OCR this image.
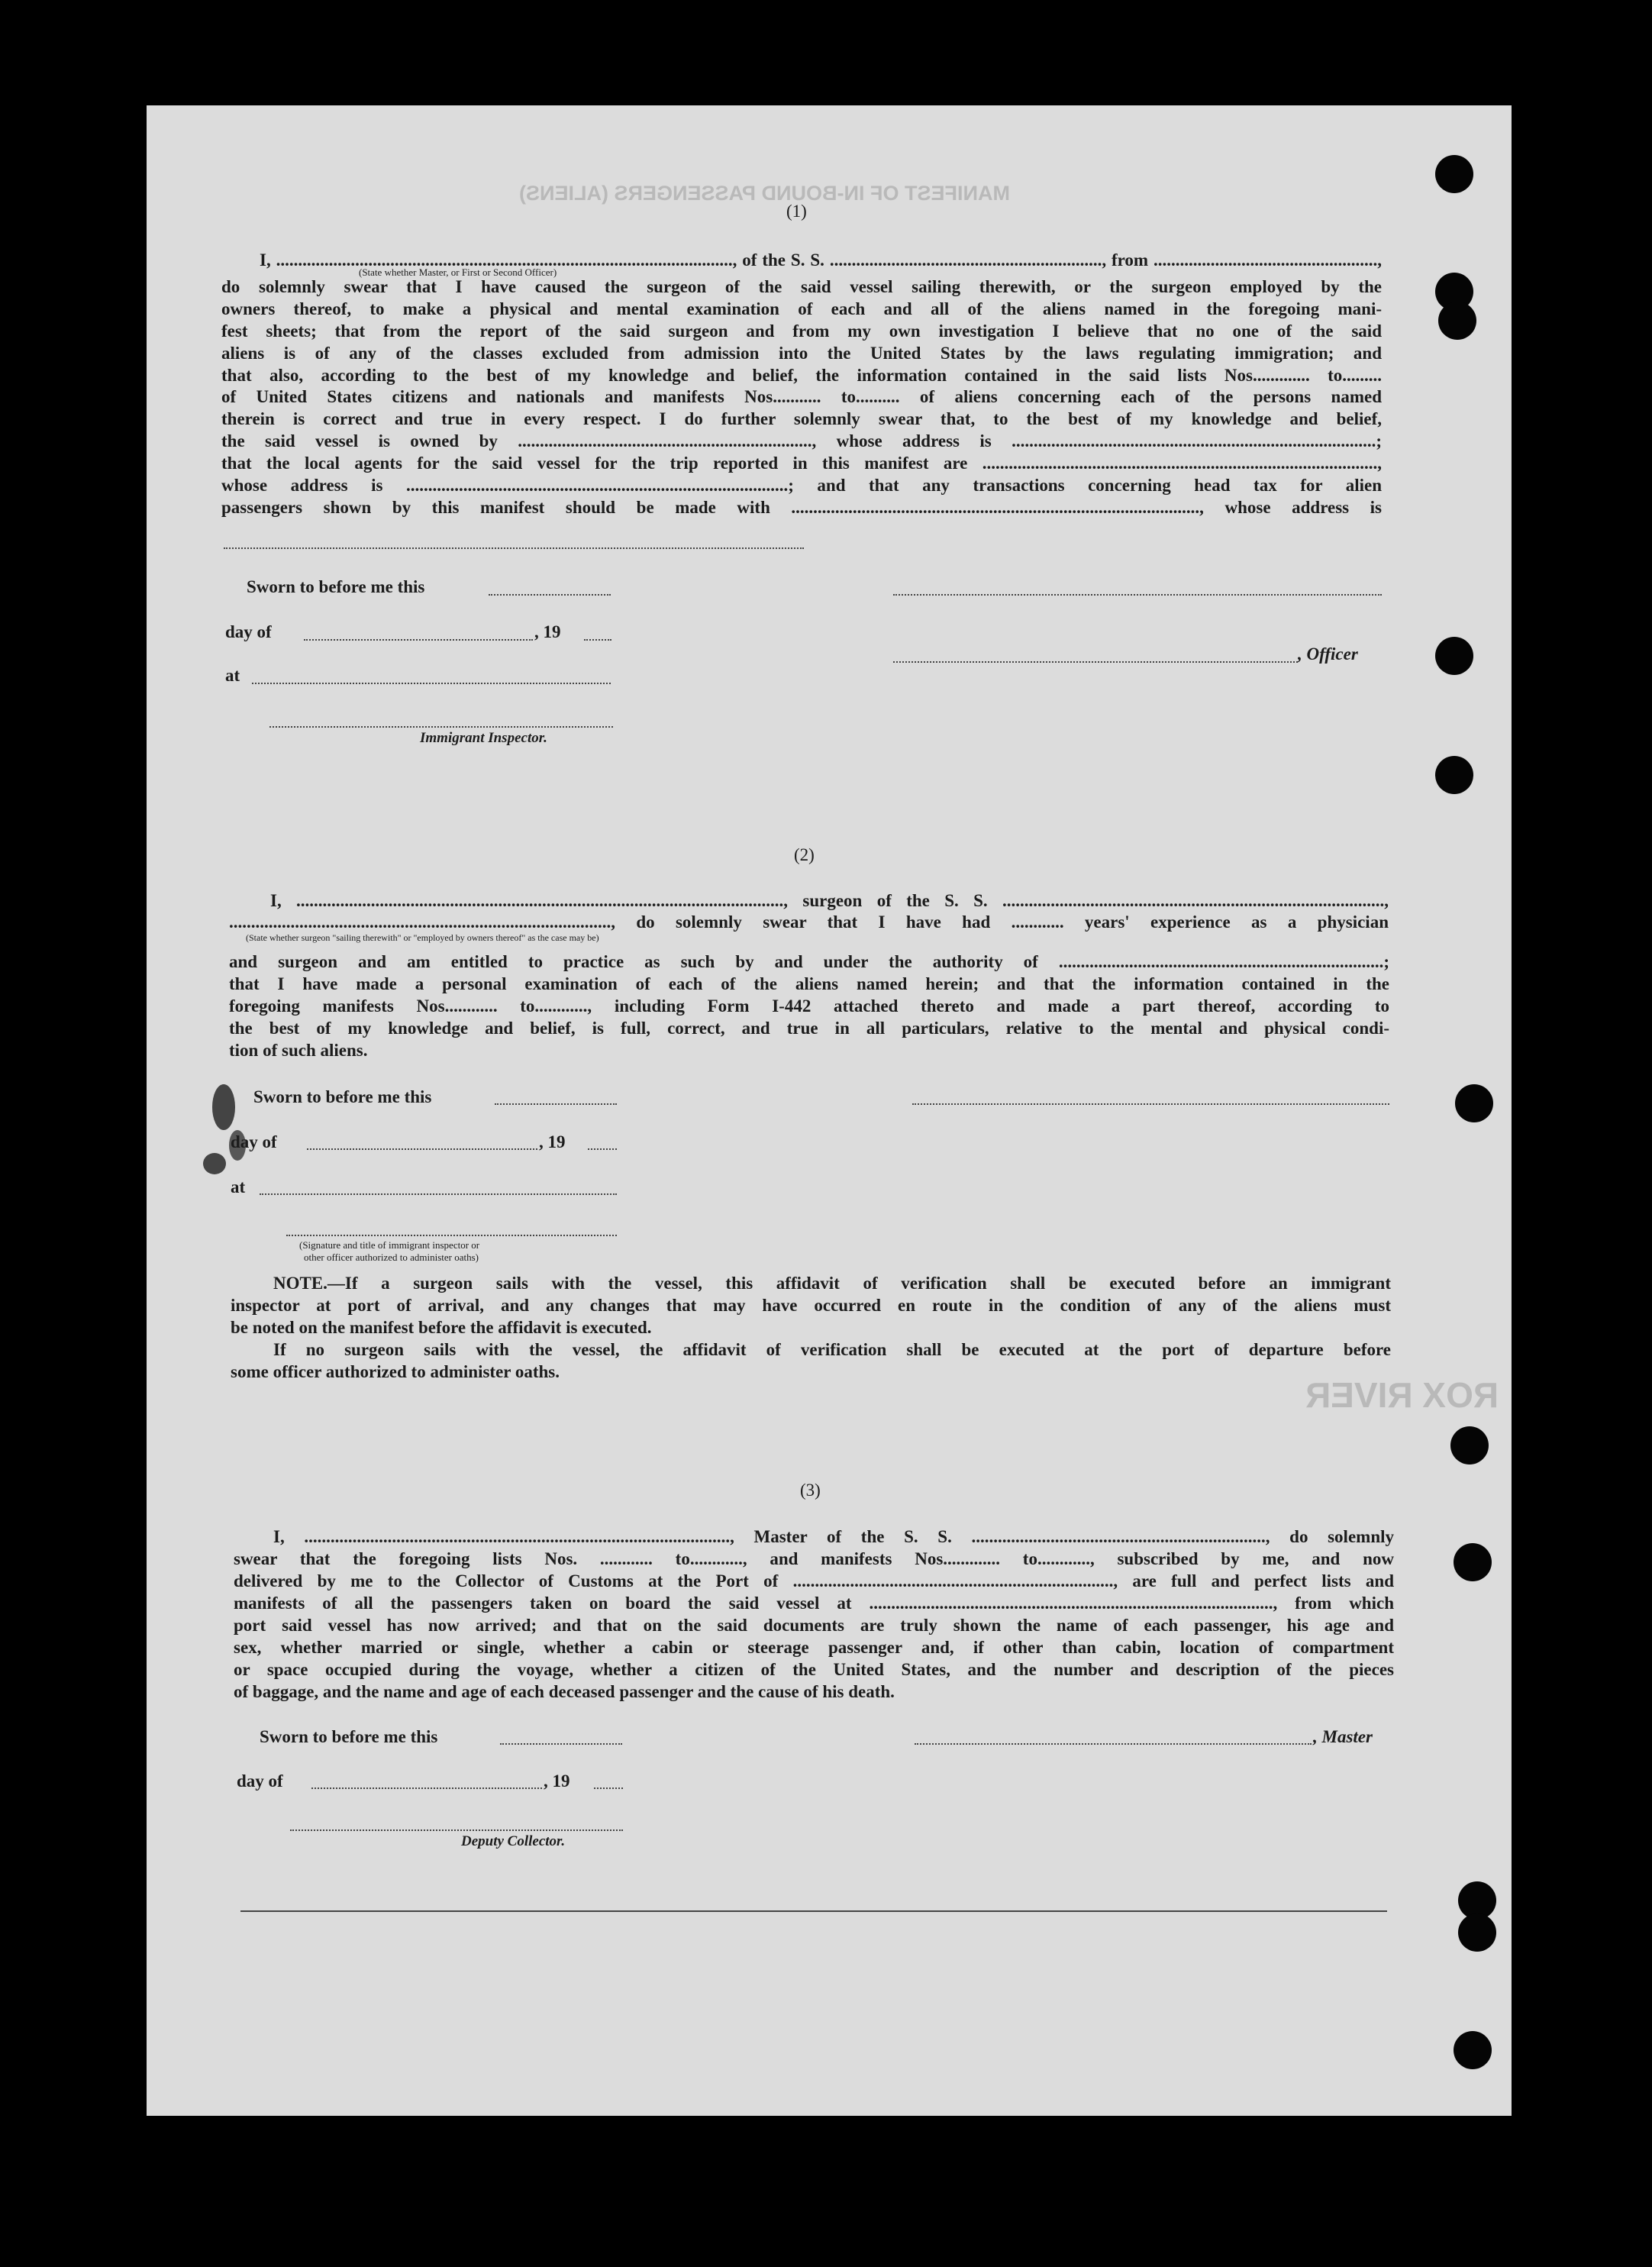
MANIFEST OF IN-BOUND PASSENGERS (ALIENS)
ROX RIVER
(1)
I, ........................................................................................................, of the S. S. .............................................................., from ...................................................,
(State whether Master, or First or Second Officer)
do solemnly swear that I have caused the surgeon of the said vessel sailing therewith, or the surgeon employed by the
owners thereof, to make a physical and mental examination of each and all of the aliens named in the foregoing mani-
fest sheets; that from the report of the said surgeon and from my own investigation I believe that no one of the said
aliens is of any of the classes excluded from admission into the United States by the laws regulating immigration; and
that also, according to the best of my knowledge and belief, the information contained in the said lists Nos............. to.........
of United States citizens and nationals and manifests Nos........... to.......... of aliens concerning each of the persons named
therein is correct and true in every respect. I do further solemnly swear that, to the best of my knowledge and belief,
the said vessel is owned by ..................................................................., whose address is ...................................................................................;
that the local agents for the said vessel for the trip reported in this manifest are ..........................................................................................,
whose address is .......................................................................................; and that any transactions concerning head tax for alien
passengers shown by this manifest should be made with ............................................................................................., whose address is
Sworn to before me this
day of	, 19
at
, Officer
Immigrant Inspector.
(2)
I, ..............................................................................................................., surgeon of the S. S. .......................................................................................,
......................................................................................., do solemnly swear that I have had ............ years' experience as a physician
(State whether surgeon "sailing therewith" or "employed by owners thereof" as the case may be)
and surgeon and am entitled to practice as such by and under the authority of ..........................................................................;
that I have made a personal examination of each of the aliens named herein; and that the information contained in the
foregoing manifests Nos............ to............, including Form I-442 attached thereto and made a part thereof, according to
the best of my knowledge and belief, is full, correct, and true in all particulars, relative to the mental and physical condi-
tion of such aliens.
Sworn to before me this
day of	, 19
at
(Signature and title of immigrant inspector or
other officer authorized to administer oaths)
NOTE.—If a surgeon sails with the vessel, this affidavit of verification shall be executed before an immigrant
inspector at port of arrival, and any changes that may have occurred en route in the condition of any of the aliens must
be noted on the manifest before the affidavit is executed.
If no surgeon sails with the vessel, the affidavit of verification shall be executed at the port of departure before
some officer authorized to administer oaths.
(3)
I, ................................................................................................., Master of the S. S. ..................................................................., do solemnly
swear that the foregoing lists Nos. ............ to............, and manifests Nos............. to............, subscribed by me, and now
delivered by me to the Collector of Customs at the Port of ........................................................................., are full and perfect lists and
manifests of all the passengers taken on board the said vessel at ............................................................................................, from which
port said vessel has now arrived; and that on the said documents are truly shown the name of each passenger, his age and
sex, whether married or single, whether a cabin or steerage passenger and, if other than cabin, location of compartment
or space occupied during the voyage, whether a citizen of the United States, and the number and description of the pieces
of baggage, and the name and age of each deceased passenger and the cause of his death.
Sworn to before me this	, Master
day of	, 19
Deputy Collector.
